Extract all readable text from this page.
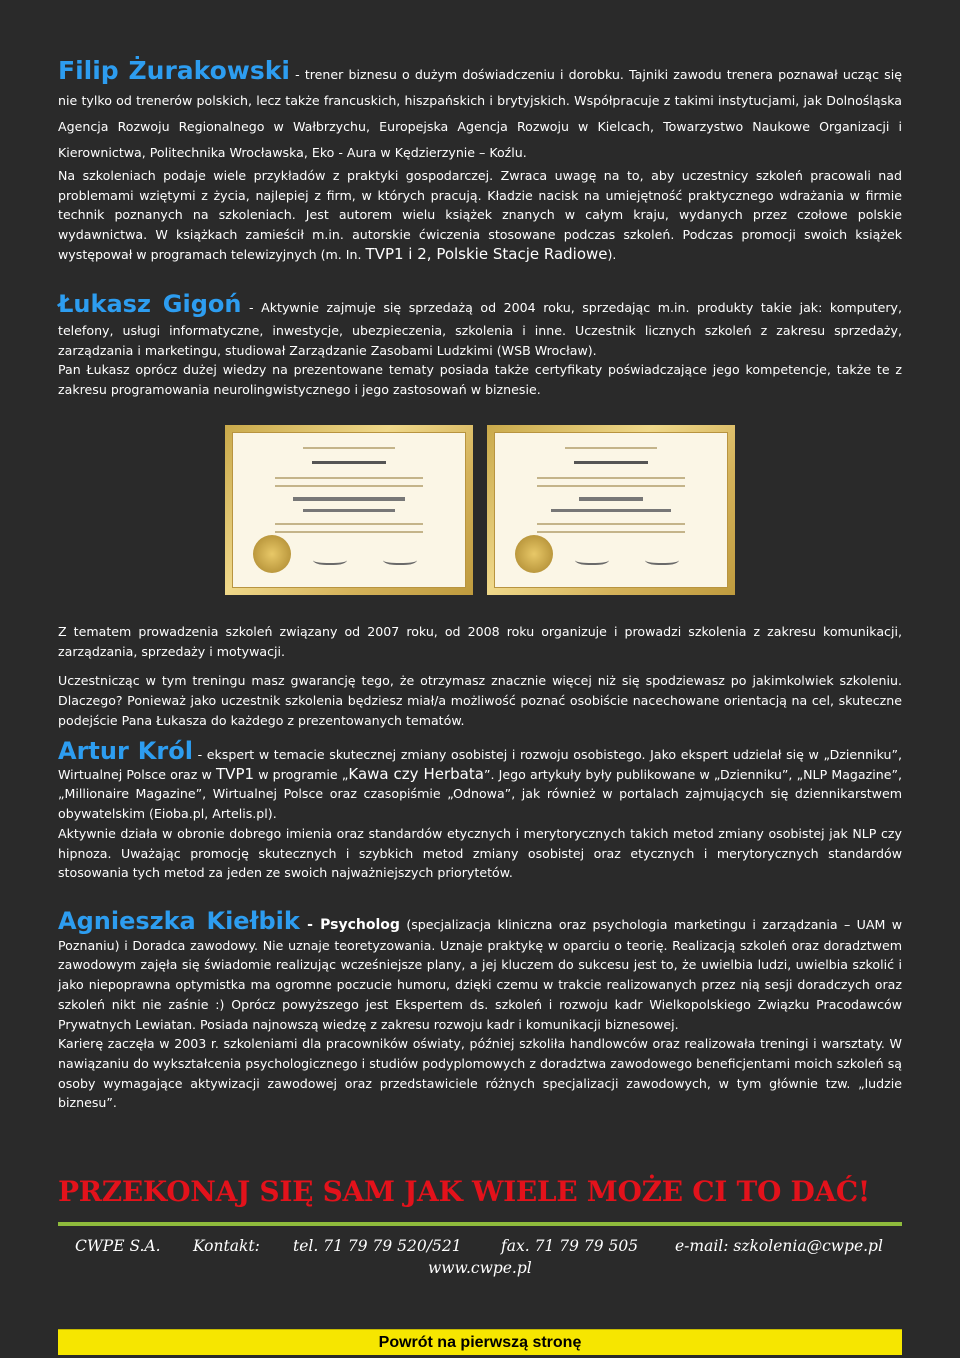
Filip Żurakowski - trener biznesu o dużym doświadczeniu i dorobku. Tajniki zawodu trenera poznawał ucząc się nie tylko od trenerów polskich, lecz także francuskich, hiszpańskich i brytyjskich. Współpracuje z takimi instytucjami, jak Dolnośląska Agencja Rozwoju Regionalnego w Wałbrzychu, Europejska Agencja Rozwoju w Kielcach, Towarzystwo Naukowe Organizacji i Kierownictwa, Politechnika Wrocławska, Eko - Aura w Kędzierzynie – Koźlu.

Na szkoleniach podaje wiele przykładów z praktyki gospodarczej. Zwraca uwagę na to, aby uczestnicy szkoleń pracowali nad problemami wziętymi z życia, najlepiej z firm, w których pracują. Kładzie nacisk na umiejętność praktycznego wdrażania w firmie technik poznanych na szkoleniach. Jest autorem wielu książek znanych w całym kraju, wydanych przez czołowe polskie wydawnictwa. W książkach zamieścił m.in. autorskie ćwiczenia stosowane podczas szkoleń. Podczas promocji swoich książek występował w programach telewizyjnych (m. In. TVP1 i 2, Polskie Stacje Radiowe).

Łukasz Gigoń - Aktywnie zajmuje się sprzedażą od 2004 roku, sprzedając m.in. produkty takie jak: komputery, telefony, usługi informatyczne, inwestycje, ubezpieczenia, szkolenia i inne. Uczestnik licznych szkoleń z zakresu sprzedaży, zarządzania i marketingu, studiował Zarządzanie Zasobami Ludzkimi (WSB Wrocław).

Pan Łukasz oprócz dużej wiedzy na prezentowane tematy posiada także certyfikaty poświadczające jego kompetencje, także te z zakresu programowania neurolingwistycznego i jego zastosowań w biznesie.

Z tematem prowadzenia szkoleń związany od 2007 roku, od 2008 roku organizuje i prowadzi szkolenia z zakresu komunikacji, zarządzania, sprzedaży i motywacji.

Uczestnicząc w tym treningu masz gwarancję tego, że otrzymasz znacznie więcej niż się spodziewasz po jakimkolwiek szkoleniu. Dlaczego? Ponieważ jako uczestnik szkolenia będziesz miał/a możliwość poznać osobiście nacechowane orientacją na cel, skuteczne podejście Pana Łukasza do każdego z prezentowanych tematów.

Artur Król - ekspert w temacie skutecznej zmiany osobistej i rozwoju osobistego. Jako ekspert udzielał się w „Dzienniku”, Wirtualnej Polsce oraz w TVP1 w programie „Kawa czy Herbata”. Jego artykuły były publikowane w „Dzienniku”, „NLP Magazine”, „Millionaire Magazine”, Wirtualnej Polsce oraz czasopiśmie „Odnowa”, jak również w portalach zajmujących się dziennikarstwem obywatelskim (Eioba.pl, Artelis.pl).

Aktywnie działa w obronie dobrego imienia oraz standardów etycznych i merytorycznych takich metod zmiany osobistej jak NLP czy hipnoza. Uważając promocję skutecznych i szybkich metod zmiany osobistej oraz etycznych i merytorycznych standardów stosowania tych metod za jeden ze swoich najważniejszych priorytetów.

Agnieszka Kiełbik - Psycholog (specjalizacja kliniczna oraz psychologia marketingu i zarządzania – UAM w Poznaniu) i Doradca zawodowy. Nie uznaje teoretyzowania. Uznaje praktykę w oparciu o teorię. Realizacją szkoleń oraz doradztwem zawodowym zajęła się świadomie realizując wcześniejsze plany, a jej kluczem do sukcesu jest to, że uwielbia ludzi, uwielbia szkolić i jako niepoprawna optymistka ma ogromne poczucie humoru, dzięki czemu w trakcie realizowanych przez nią sesji doradczych oraz szkoleń nikt nie zaśnie :) Oprócz powyższego jest Ekspertem ds. szkoleń i rozwoju kadr Wielkopolskiego Związku Pracodawców Prywatnych Lewiatan. Posiada najnowszą wiedzę z zakresu rozwoju kadr i komunikacji biznesowej.

Karierę zaczęła w 2003 r. szkoleniami dla pracowników oświaty, później szkoliła handlowców oraz realizowała treningi i warsztaty. W nawiązaniu do wykształcenia psychologicznego i studiów podyplomowych z doradztwa zawodowego beneficjentami moich szkoleń są osoby wymagające aktywizacji zawodowej oraz przedstawiciele różnych specjalizacji zawodowych, w tym głównie tzw. „ludzie biznesu”.

PRZEKONAJ SIĘ SAM JAK WIELE MOŻE CI TO DAĆ!
CWPE S.A.	Kontakt:	tel. 71 79 79 520/521	fax. 71 79 79 505	e-mail: szkolenia@cwpe.pl
www.cwpe.pl
Powrót na pierwszą stronę
